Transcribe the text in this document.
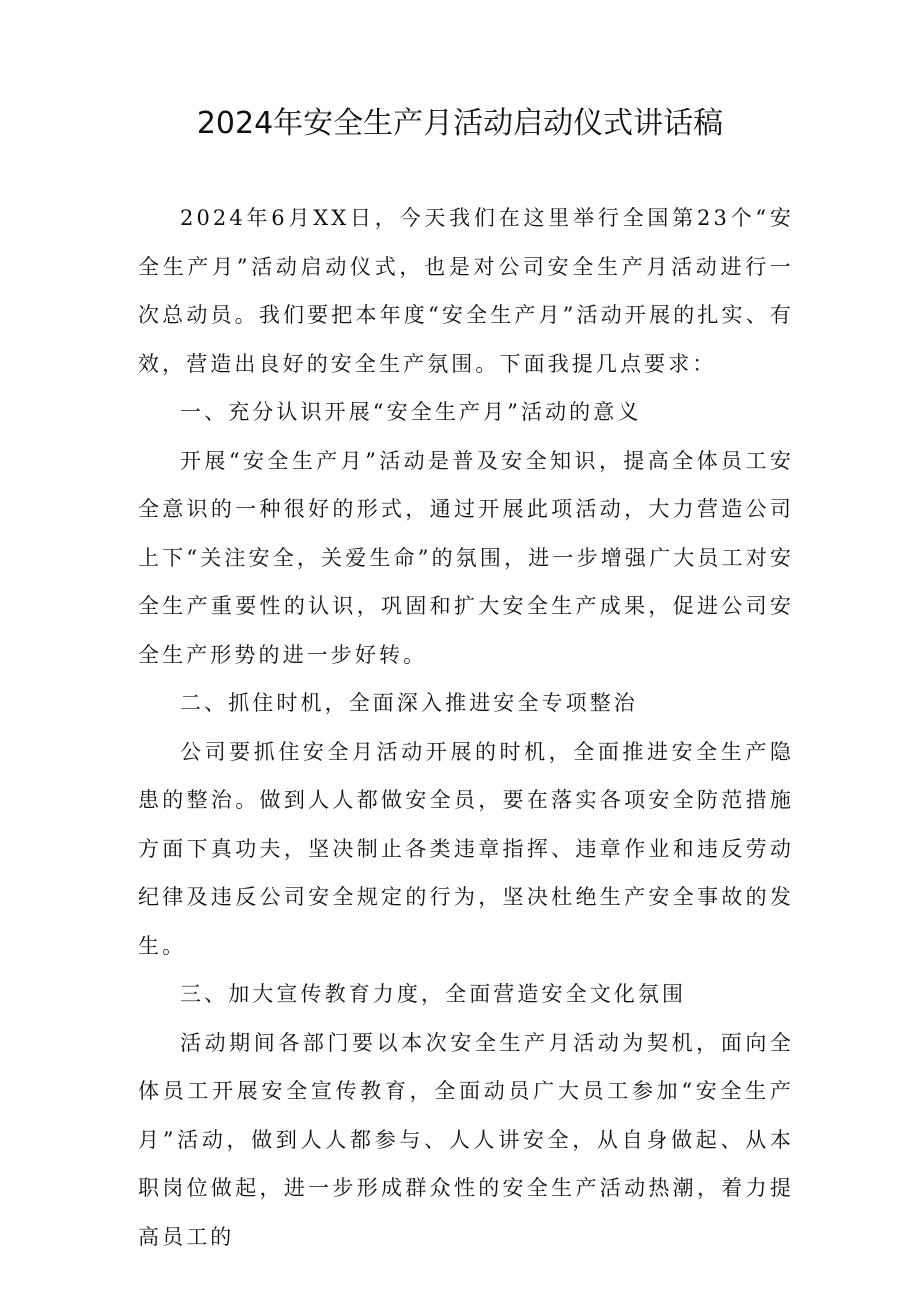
2024年安全生产月活动启动仪式讲话稿

2024年6月XX日，今天我们在这里举行全国第23个“安全生产月”活动启动仪式，也是对公司安全生产月活动进行一次总动员。我们要把本年度“安全生产月”活动开展的扎实、有效，营造出良好的安全生产氛围。下面我提几点要求：

一、充分认识开展“安全生产月”活动的意义

开展“安全生产月”活动是普及安全知识，提高全体员工安全意识的一种很好的形式，通过开展此项活动，大力营造公司上下“关注安全，关爱生命”的氛围，进一步增强广大员工对安全生产重要性的认识，巩固和扩大安全生产成果，促进公司安全生产形势的进一步好转。

二、抓住时机，全面深入推进安全专项整治

公司要抓住安全月活动开展的时机，全面推进安全生产隐患的整治。做到人人都做安全员，要在落实各项安全防范措施方面下真功夫，坚决制止各类违章指挥、违章作业和违反劳动纪律及违反公司安全规定的行为，坚决杜绝生产安全事故的发生。

三、加大宣传教育力度，全面营造安全文化氛围

活动期间各部门要以本次安全生产月活动为契机，面向全体员工开展安全宣传教育，全面动员广大员工参加“安全生产月”活动，做到人人都参与、人人讲安全，从自身做起、从本职岗位做起，进一步形成群众性的安全生产活动热潮，着力提高员工的
